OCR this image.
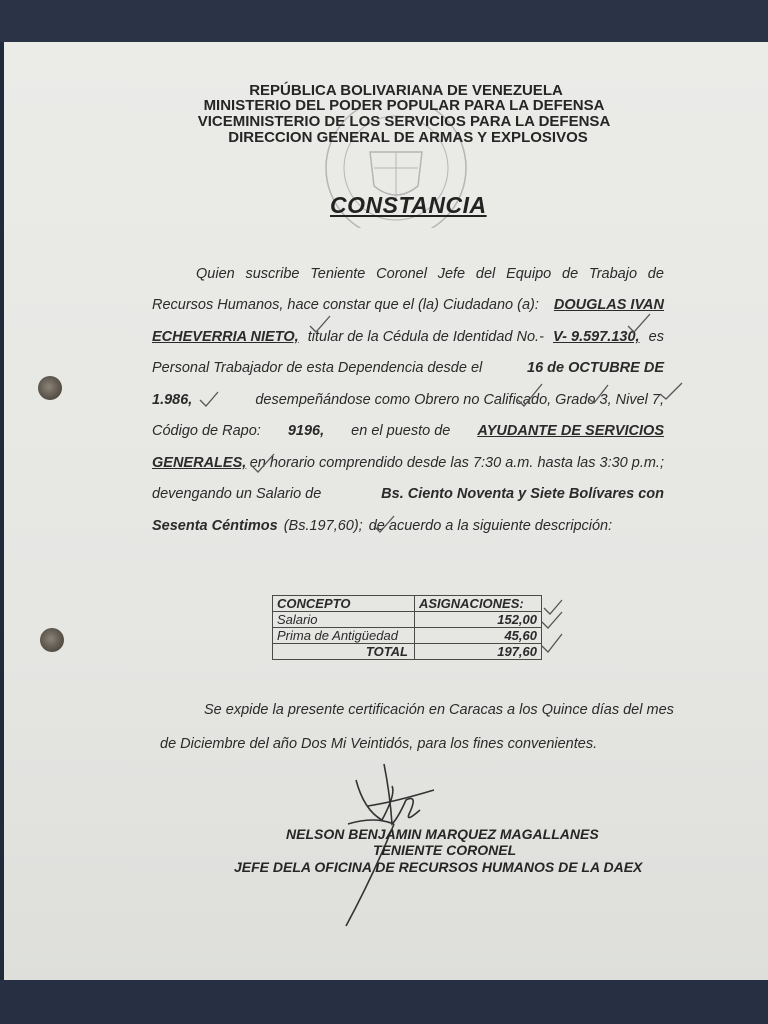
REPÚBLICA BOLIVARIANA DE VENEZUELA
MINISTERIO DEL PODER POPULAR PARA LA DEFENSA
VICEMINISTERIO DE LOS SERVICIOS PARA LA DEFENSA
DIRECCION GENERAL DE ARMAS Y EXPLOSIVOS
CONSTANCIA
Quien suscribe Teniente Coronel Jefe del Equipo de Trabajo de
Recursos Humanos, hace constar que el (la) Ciudadano (a): DOUGLAS IVAN
ECHEVERRIA NIETO, titular de la Cédula de Identidad No.- V- 9.597.130, es
Personal Trabajador de esta Dependencia desde el	16 de OCTUBRE DE
1.986,	desempeñándose como Obrero no Calificado, Grado 3, Nivel 7,
Código de Rapo: 9196, en el puesto de AYUDANTE DE SERVICIOS
GENERALES, en horario comprendido desde las 7:30 a.m. hasta las 3:30 p.m.;
devengando un Salario de	Bs. Ciento Noventa y Siete Bolívares con
Sesenta Céntimos (Bs.197,60); de acuerdo a la siguiente descripción:
CONCEPTO	ASIGNACIONES:
Salario	152,00
Prima de Antigüedad	45,60
TOTAL	197,60
Se expide la presente certificación en Caracas a los Quince días del mes
de Diciembre del año Dos Mi Veintidós, para los fines convenientes.
NELSON BENJAMIN MARQUEZ MAGALLANES
TENIENTE CORONEL
JEFE DELA OFICINA DE RECURSOS HUMANOS DE LA DAEX
